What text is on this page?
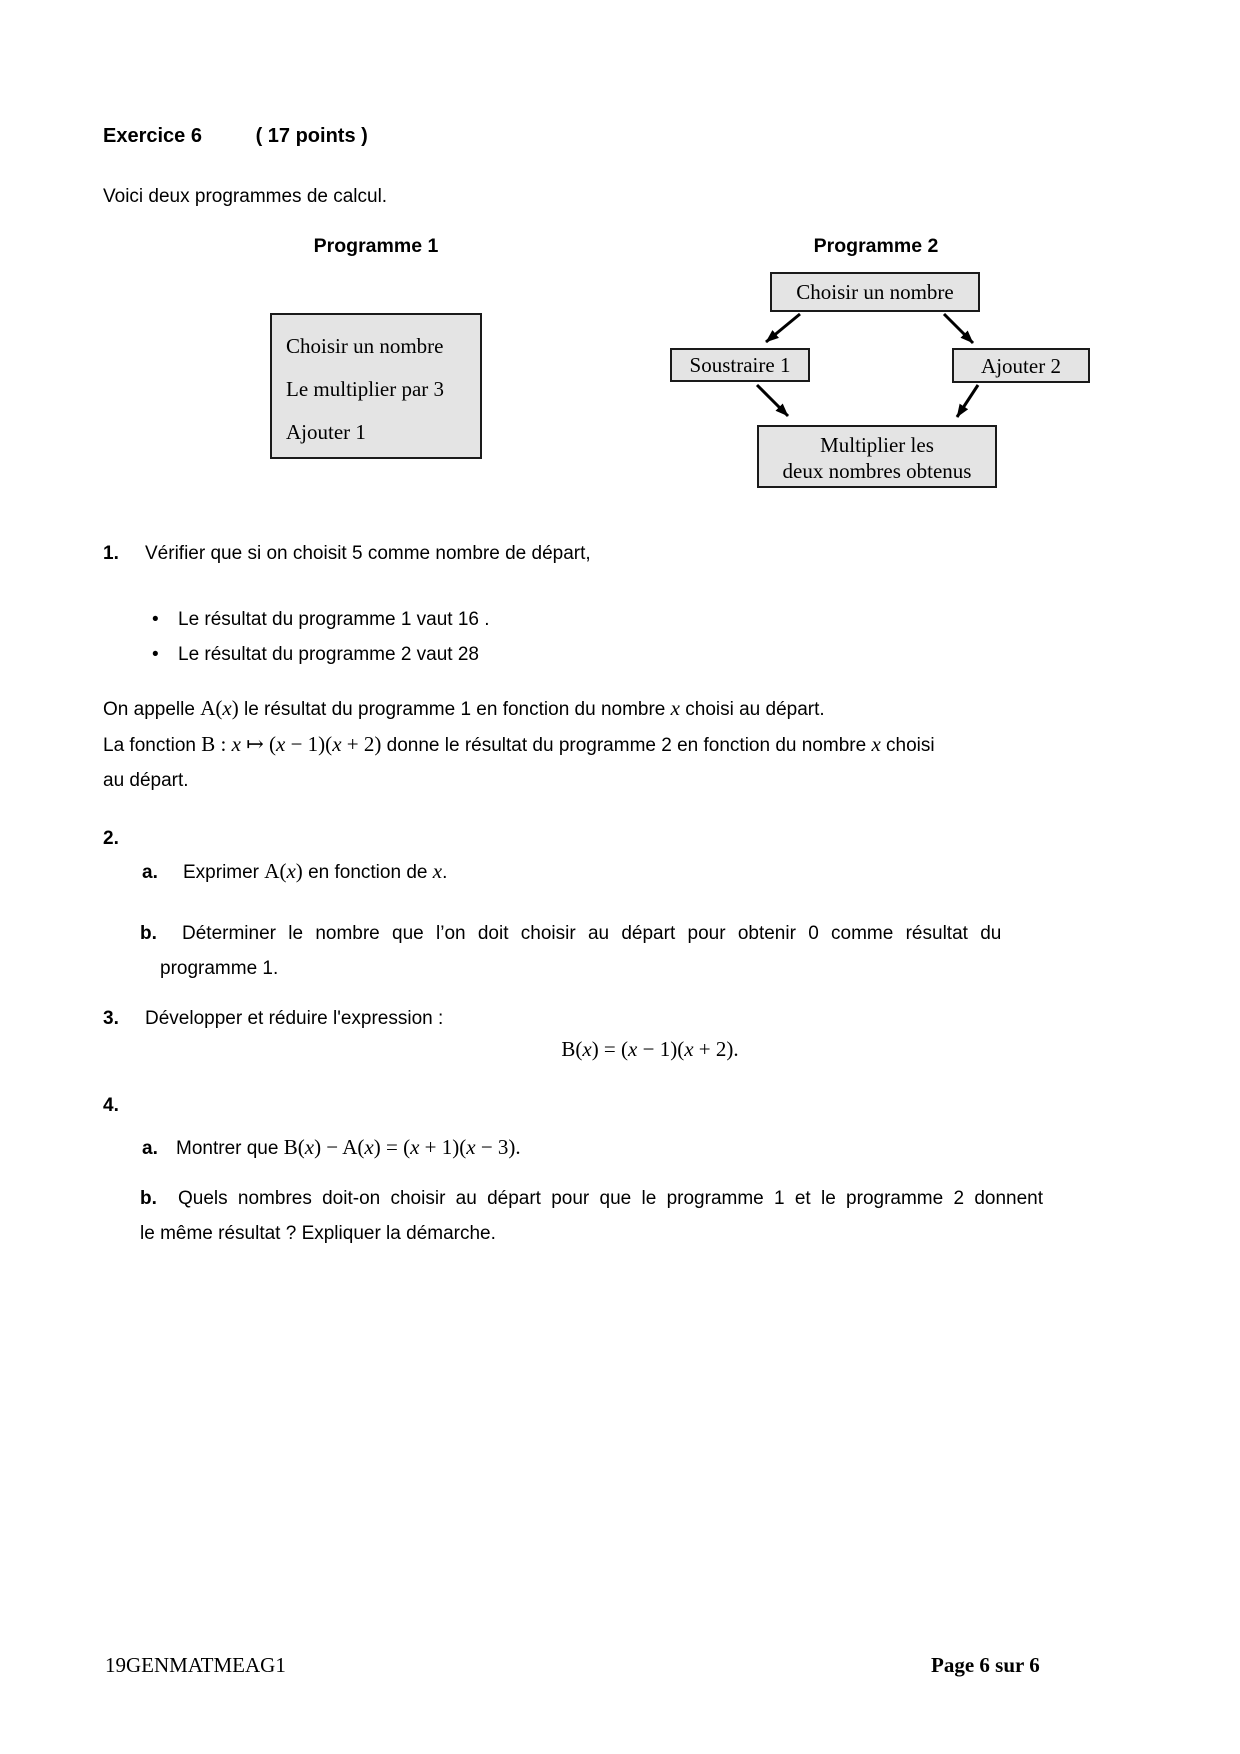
Exercice 6	( 17 points )
Voici deux programmes de calcul.
Programme 1	Programme 2
Choisir un nombre
Le multiplier par 3
Ajouter 1
Choisir un nombre
Soustraire 1	Ajouter 2
Multiplier les
deux nombres obtenus
1. Vérifier que si on choisit 5 comme nombre de départ,
• Le résultat du programme 1 vaut 16 .
• Le résultat du programme 2 vaut 28
On appelle A(x) le résultat du programme 1 en fonction du nombre x choisi au départ.
La fonction B : x ↦ (x − 1)(x + 2) donne le résultat du programme 2 en fonction du nombre x choisi
au départ.
2.
a. Exprimer A(x) en fonction de x.
b. Déterminer le nombre que l’on doit choisir au départ pour obtenir 0 comme résultat du
programme 1.
3. Développer et réduire l'expression :
B(x) = (x − 1)(x + 2).
4.
a. Montrer que B(x) − A(x) = (x + 1)(x − 3).
b. Quels nombres doit-on choisir au départ pour que le programme 1 et le programme 2 donnent
le même résultat ? Expliquer la démarche.
19GENMATMEAG1	Page 6 sur 6
